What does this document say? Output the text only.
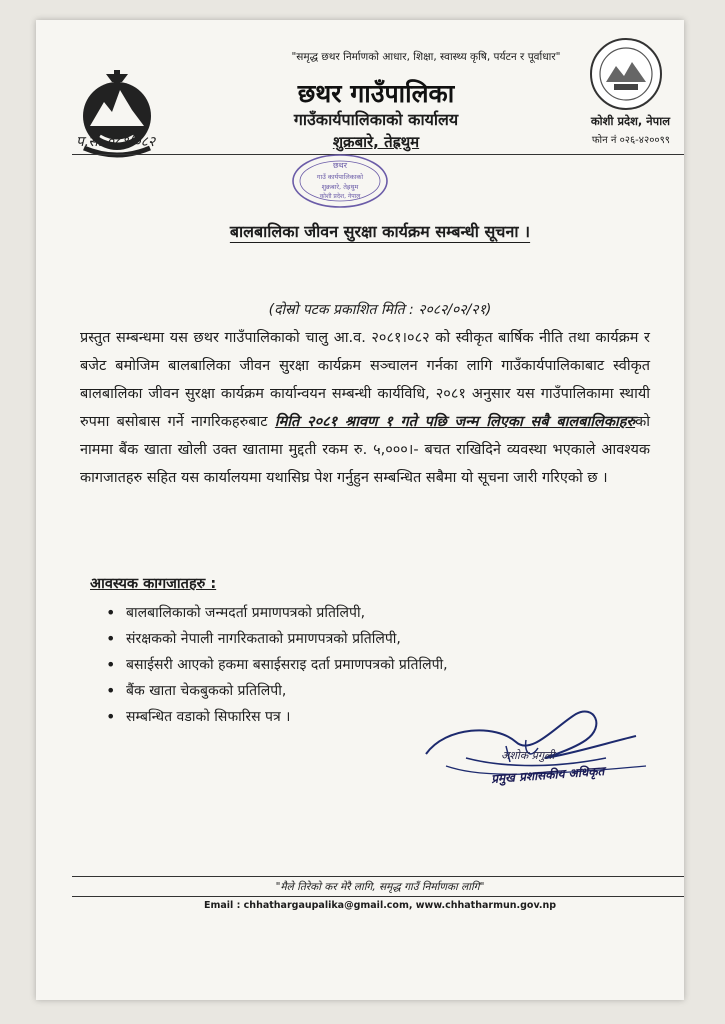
"समृद्ध छथर निर्माणको आधार, शिक्षा, स्वास्थ्य कृषि, पर्यटन र पूर्वाधार"
छथर गाउँपालिका
गाउँकार्यपालिकाको कार्यालय
शुक्रबारे, तेह्रथुम
कोशी प्रदेश, नेपाल
फोन नं ०२६-४२००९९
प.सं. ०८१/०८२
छथर
गाउँ कार्यपालिकाको
शुक्रबारे, तेह्रथुम
कोशी प्रदेश, नेपाल
बालबालिका जीवन सुरक्षा कार्यक्रम सम्बन्धी सूचना ।
(दोस्रो पटक प्रकाशित मिति : २०८२/०२/२१)
प्रस्तुत सम्बन्धमा यस छथर गाउँपालिकाको चालु आ.व. २०८१।०८२ को स्वीकृत बार्षिक नीति तथा कार्यक्रम र बजेट बमोजिम बालबालिका जीवन सुरक्षा कार्यक्रम सञ्चालन गर्नका लागि गाउँकार्यपालिकाबाट स्वीकृत बालबालिका जीवन सुरक्षा कार्यक्रम कार्यान्वयन सम्बन्धी कार्यविधि, २०८१ अनुसार यस गाउँपालिकामा स्थायी रुपमा बसोबास गर्ने नागरिकहरुबाट मिति २०८१ श्रावण १ गते पछि जन्म लिएका सबै बालबालिकाहरुको नाममा बैंक खाता खोली उक्त खातामा मुद्दती रकम रु. ५,०००।- बचत राखिदिने व्यवस्था भएकाले आवश्यक कागजातहरु सहित यस कार्यालयमा यथासिघ्र पेश गर्नुहुन सम्बन्धित सबैमा यो सूचना जारी गरिएको छ ।
आवस्यक कागजातहरु :
• बालबालिकाको जन्मदर्ता प्रमाणपत्रको प्रतिलिपी,
• संरक्षकको नेपाली नागरिकताको प्रमाणपत्रको प्रतिलिपी,
• बसाईसरी आएको हकमा बसाईसराइ दर्ता प्रमाणपत्रको प्रतिलिपी,
• बैंक खाता चेकबुकको प्रतिलिपी,
• सम्बन्धित वडाको सिफारिस पत्र ।
अशोक प्रगुली
प्रमुख प्रशासकीय अधिकृत
"मैले तिरेको कर मेरै लागि, समृद्ध गाउँ निर्माणका लागि"
Email : chhathargaupalika@gmail.com, www.chhatharmun.gov.np
